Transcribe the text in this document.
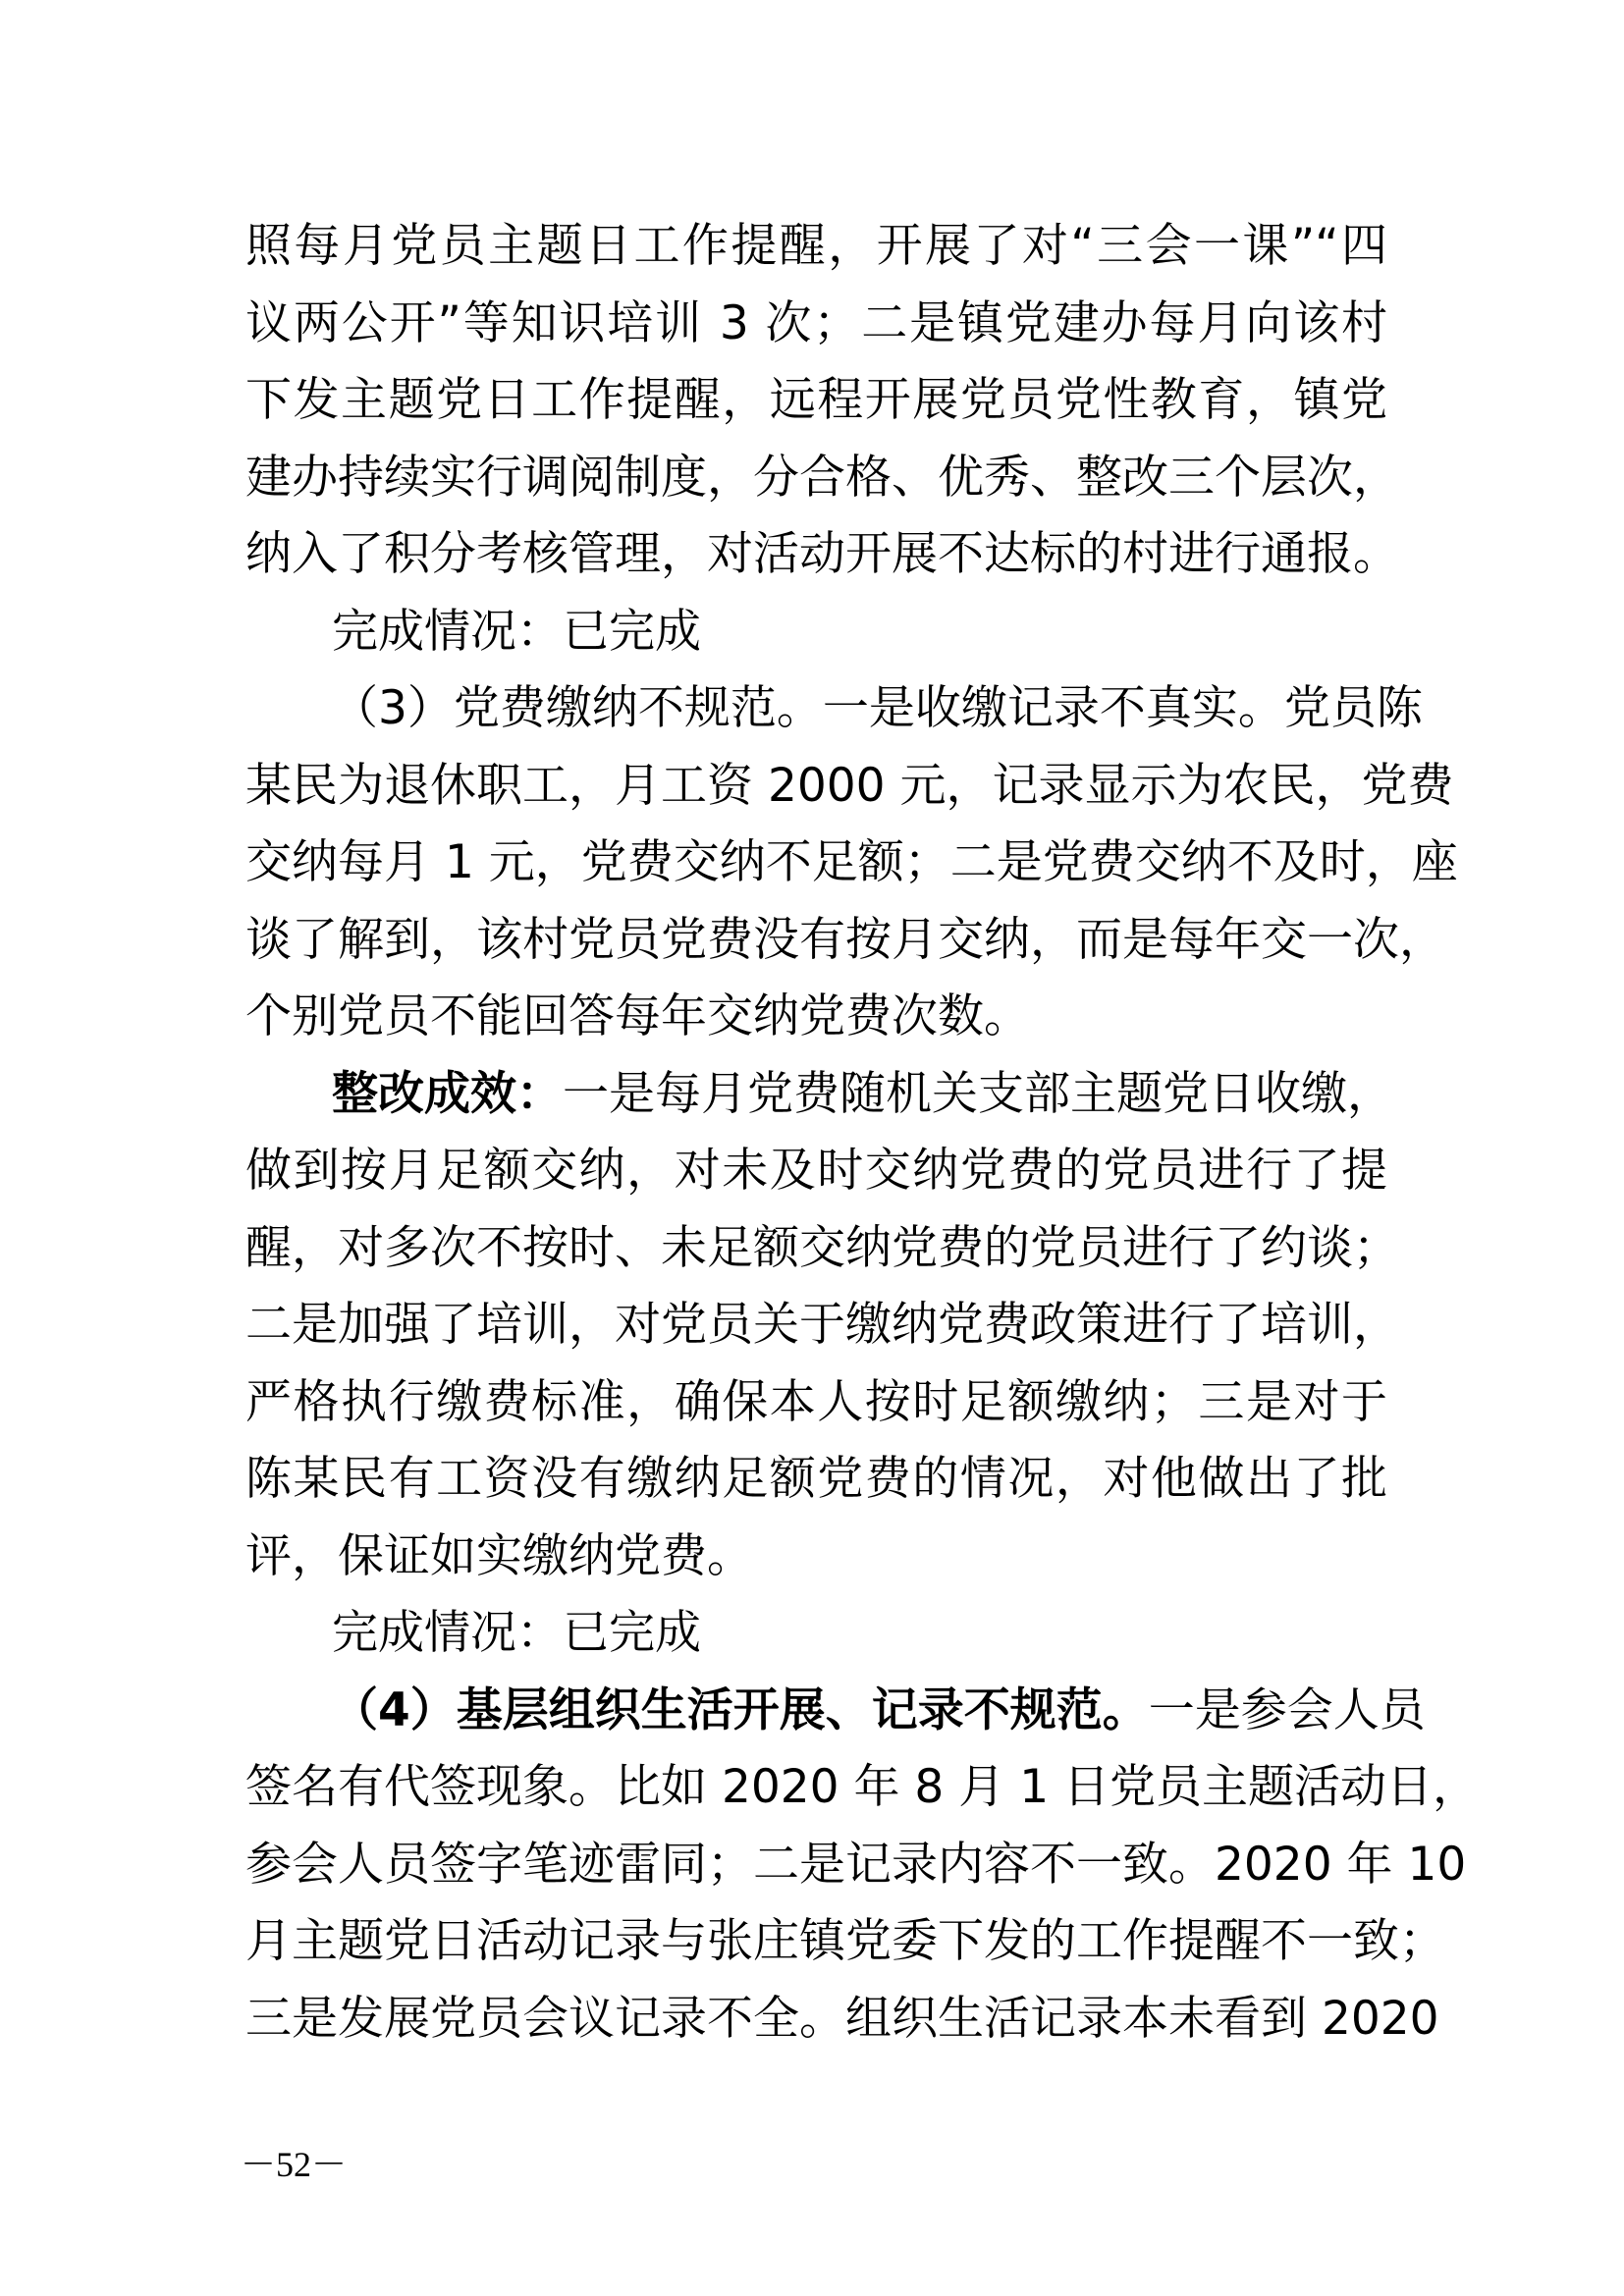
照每月党员主题日工作提醒，开展了对“三会一课”“四
议两公开”等知识培训 3 次；二是镇党建办每月向该村
下发主题党日工作提醒，远程开展党员党性教育，镇党
建办持续实行调阅制度，分合格、优秀、整改三个层次，
纳入了积分考核管理，对活动开展不达标的村进行通报。
完成情况：已完成
（3）党费缴纳不规范。一是收缴记录不真实。党员陈
某民为退休职工，月工资 2000 元，记录显示为农民，党费
交纳每月 1 元，党费交纳不足额；二是党费交纳不及时，座
谈了解到，该村党员党费没有按月交纳，而是每年交一次，
个别党员不能回答每年交纳党费次数。
整改成效：一是每月党费随机关支部主题党日收缴，
做到按月足额交纳，对未及时交纳党费的党员进行了提
醒，对多次不按时、未足额交纳党费的党员进行了约谈；
二是加强了培训，对党员关于缴纳党费政策进行了培训，
严格执行缴费标准，确保本人按时足额缴纳；三是对于
陈某民有工资没有缴纳足额党费的情况，对他做出了批
评，保证如实缴纳党费。
完成情况：已完成
（4）基层组织生活开展、记录不规范。一是参会人员
签名有代签现象。比如 2020 年 8 月 1 日党员主题活动日，
参会人员签字笔迹雷同；二是记录内容不一致。2020 年 10
月主题党日活动记录与张庄镇党委下发的工作提醒不一致；
三是发展党员会议记录不全。组织生活记录本未看到 2020
－52－
